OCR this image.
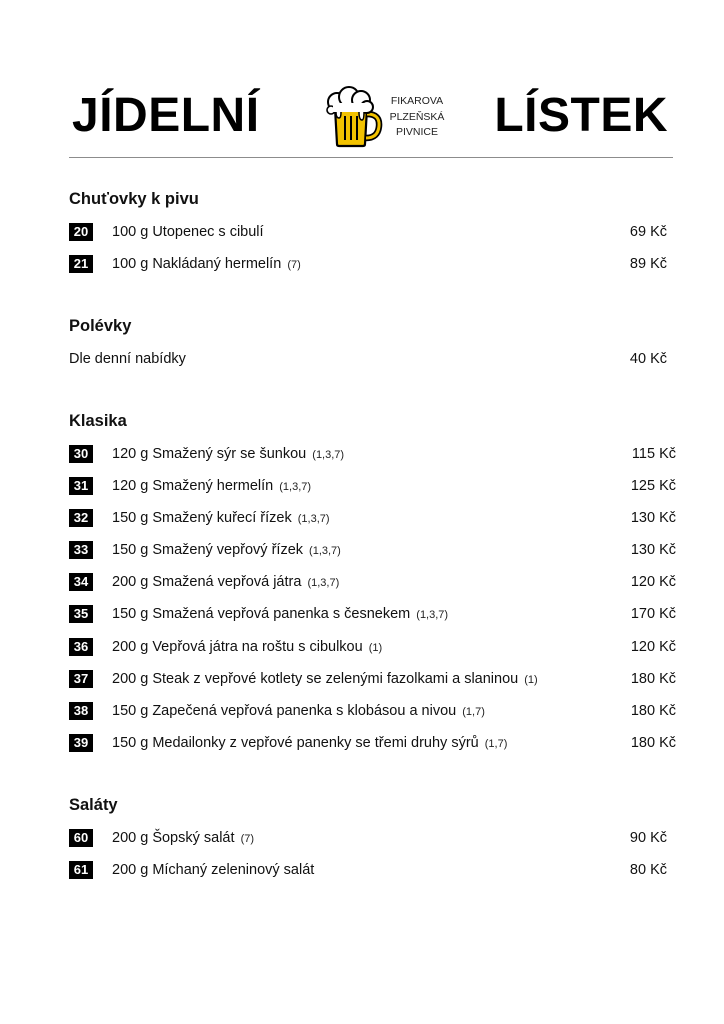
JÍDELNÍ	FIKAROVA
PLZEŇSKÁ
PIVNICE LÍSTEK
Chuťovky k pivu
20	100 g Utopenec s cibulí	69 Kč
21	100 g Nakládaný hermelín (7)	89 Kč
Polévky
Dle denní nabídky	40 Kč
Klasika
30	120 g Smažený sýr se šunkou (1,3,7)	115 Kč
31	120 g Smažený hermelín (1,3,7)	125 Kč
32	150 g Smažený kuřecí řízek (1,3,7)	130 Kč
33	150 g Smažený vepřový řízek (1,3,7)	130 Kč
34	200 g Smažená vepřová játra (1,3,7)	120 Kč
35	150 g Smažená vepřová panenka s česnekem (1,3,7)	170 Kč
36	200 g Vepřová játra na roštu s cibulkou (1)	120 Kč
37	200 g Steak z vepřové kotlety se zelenými fazolkami a slaninou (1)	180 Kč
38	150 g Zapečená vepřová panenka s klobásou a nivou (1,7)	180 Kč
39	150 g Medailonky z vepřové panenky se třemi druhy sýrů (1,7)	180 Kč
Saláty
60	200 g Šopský salát (7)	90 Kč
61	200 g Míchaný zeleninový salát	80 Kč
